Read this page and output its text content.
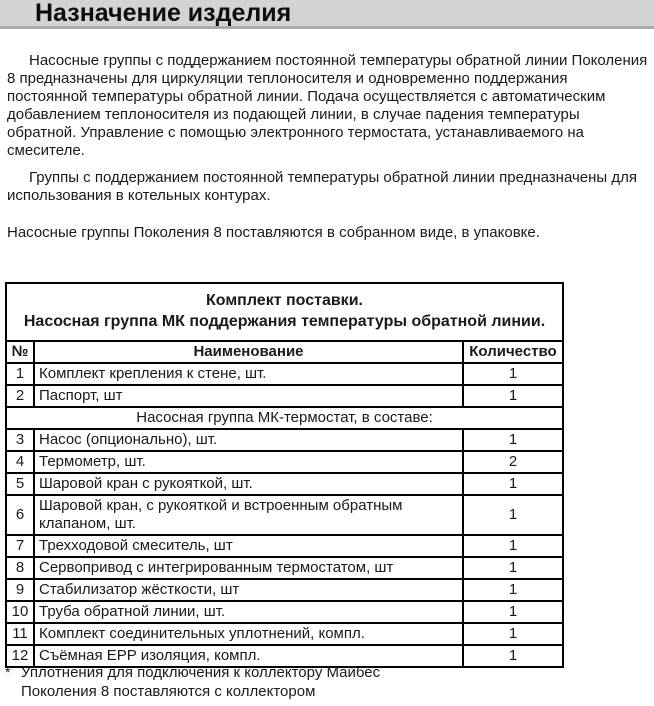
Назначение изделия

Насосные группы с поддержанием постоянной температуры обратной линии Поколения 8 предназначены для циркуляции теплоносителя и одновременно поддержания постоянной температуры обратной линии. Подача осуществляется с автоматическим добавлением теплоносителя из подающей линии, в случае падения температуры обратной. Управление с помощью электронного термостата, устанавливаемого на смесителе.

Группы с поддержанием постоянной температуры обратной линии предназначены для использования в котельных контурах.

Насосные группы Поколения 8 поставляются в собранном виде, в упаковке.

Комплект поставки.
Насосная группа МК поддержания температуры обратной линии.		

№	Наименование	Количество
1	Комплект крепления к стене, шт.	1
2	Паспорт, шт	1
Насосная группа МК-термостат, в составе:		
3	Насос (опционально), шт.	1
4	Термометр, шт.	2
5	Шаровой кран с рукояткой, шт.	1
6	Шаровой кран, с рукояткой и встроенным обратным клапаном, шт.	1
7	Трехходовой смеситель, шт	1
8	Сервопривод с интегрированным термостатом, шт	1
9	Стабилизатор жёсткости, шт	1
10	Труба обратной линии, шт.	1
11	Комплект соединительных уплотнений, компл.	1
12	Съёмная EPP изоляция, компл.	1
* Уплотнения для подключения к коллектору Майбес
Поколения 8 поставляются с коллектором
